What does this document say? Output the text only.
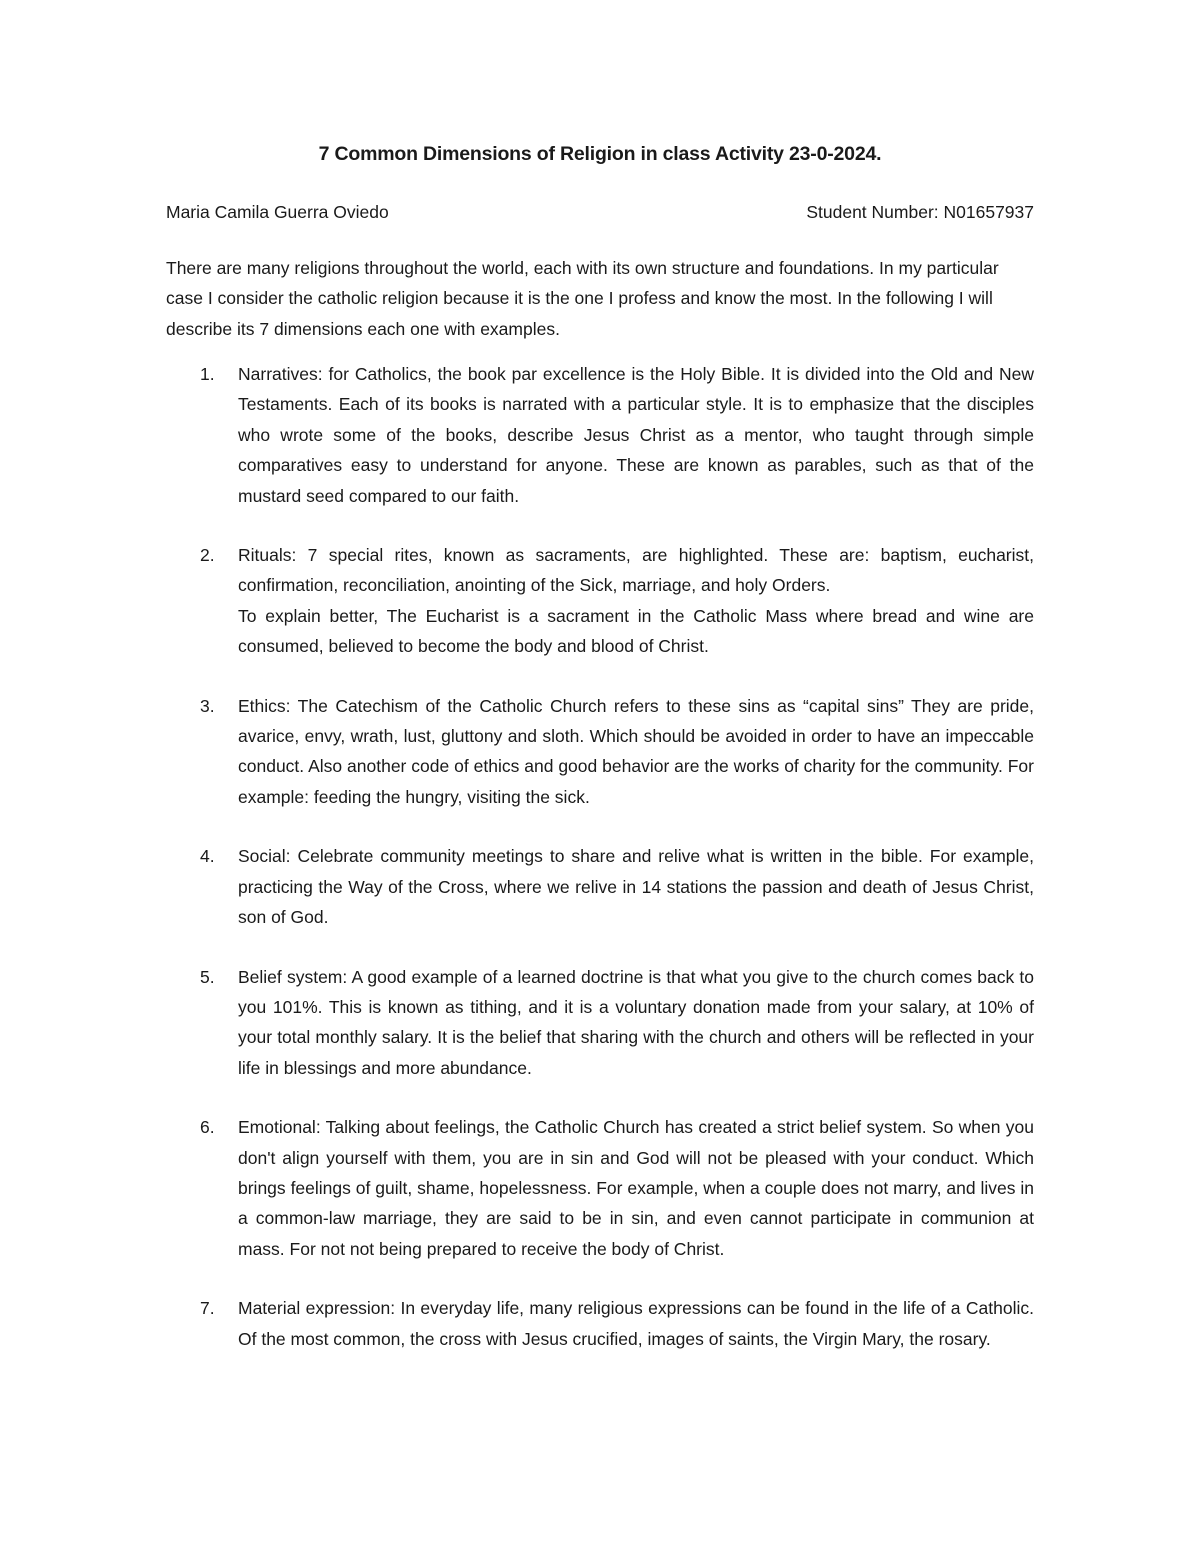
7 Common Dimensions of Religion in class Activity 23-0-2024.
Maria Camila Guerra Oviedo	Student Number: N01657937

There are many religions throughout the world, each with its own structure and foundations. In my particular case I consider the catholic religion because it is the one I profess and know the most. In the following I will describe its 7 dimensions each one with examples.

1. Narratives: for Catholics, the book par excellence is the Holy Bible. It is divided into the Old and New Testaments. Each of its books is narrated with a particular style. It is to emphasize that the disciples who wrote some of the books, describe Jesus Christ as a mentor, who taught through simple comparatives easy to understand for anyone. These are known as parables, such as that of the mustard seed compared to our faith.
2. Rituals: 7 special rites, known as sacraments, are highlighted. These are: baptism, eucharist, confirmation, reconciliation, anointing of the Sick, marriage, and holy Orders.
To explain better, The Eucharist is a sacrament in the Catholic Mass where bread and wine are consumed, believed to become the body and blood of Christ.
3. Ethics: The Catechism of the Catholic Church refers to these sins as “capital sins” They are pride, avarice, envy, wrath, lust, gluttony and sloth. Which should be avoided in order to have an impeccable conduct. Also another code of ethics and good behavior are the works of charity for the community. For example: feeding the hungry, visiting the sick.
4. Social: Celebrate community meetings to share and relive what is written in the bible. For example, practicing the Way of the Cross, where we relive in 14 stations the passion and death of Jesus Christ, son of God.
5. Belief system: A good example of a learned doctrine is that what you give to the church comes back to you 101%. This is known as tithing, and it is a voluntary donation made from your salary, at 10% of your total monthly salary. It is the belief that sharing with the church and others will be reflected in your life in blessings and more abundance.
6. Emotional: Talking about feelings, the Catholic Church has created a strict belief system. So when you don't align yourself with them, you are in sin and God will not be pleased with your conduct. Which brings feelings of guilt, shame, hopelessness. For example, when a couple does not marry, and lives in a common-law marriage, they are said to be in sin, and even cannot participate in communion at mass. For not not being prepared to receive the body of Christ.
7. Material expression: In everyday life, many religious expressions can be found in the life of a Catholic. Of the most common, the cross with Jesus crucified, images of saints, the Virgin Mary, the rosary.
